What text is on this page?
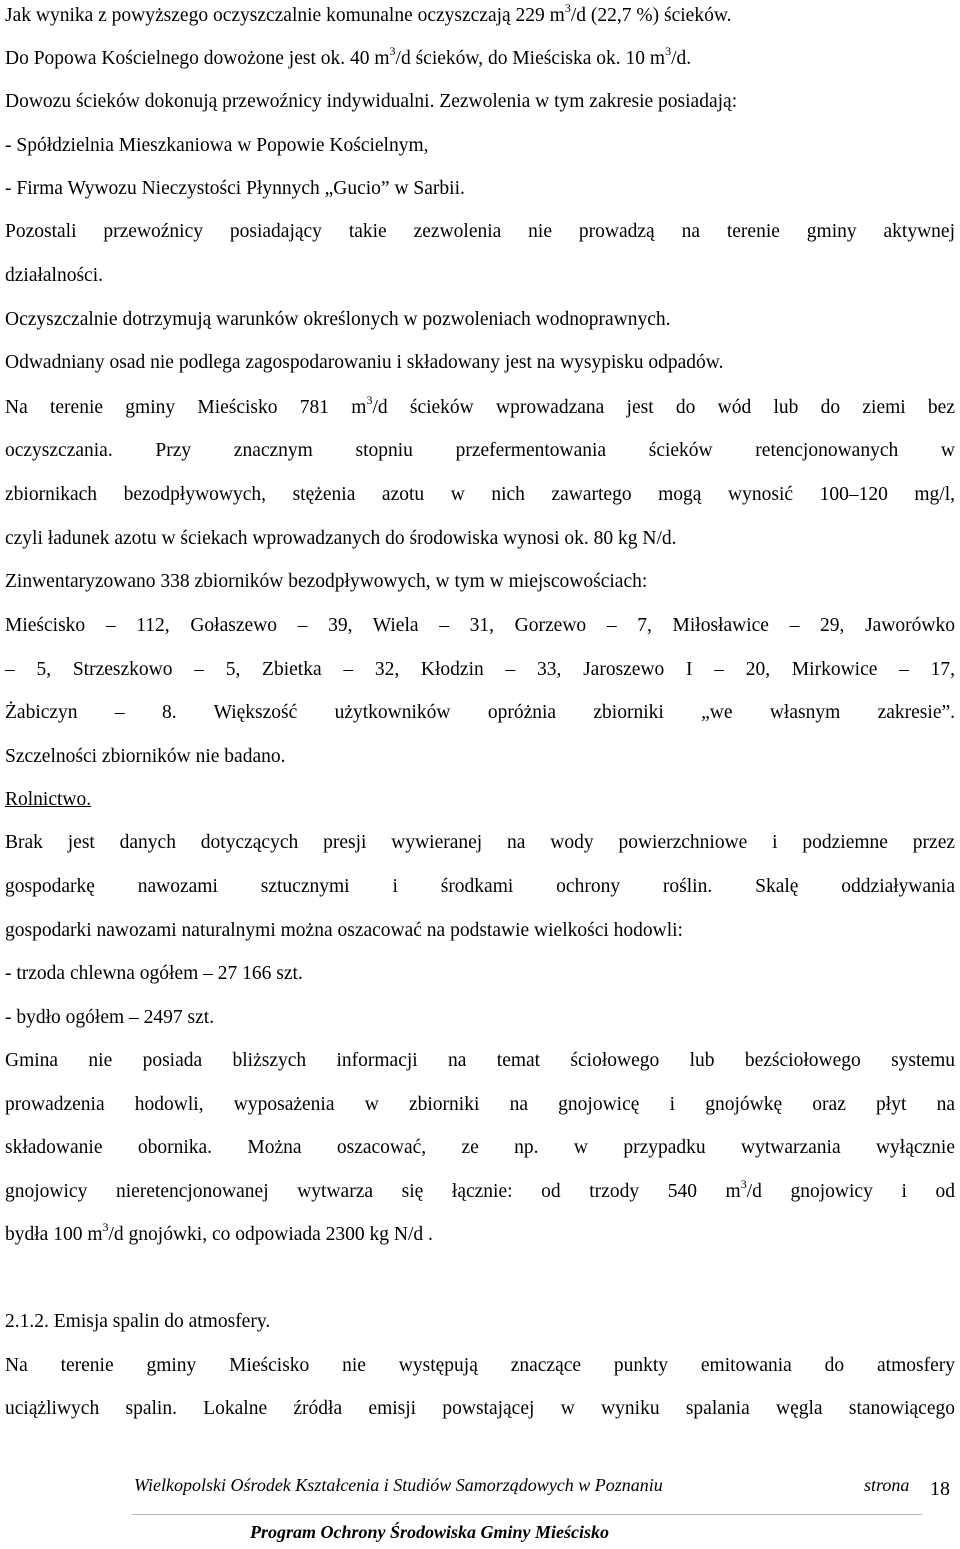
Jak wynika z powyższego oczyszczalnie komunalne oczyszczają 229 $m^3/d$ (22,7 %) ścieków.
Do Popowa Kościelnego dowożone jest ok. 40 $m^3/d$ ścieków, do Mieściska ok. 10 $m^3/d$.
Dowozu ścieków dokonują przewoźnicy indywidualni. Zezwolenia w tym zakresie posiadają:
- Spółdzielnia Mieszkaniowa w Popowie Kościelnym,
- Firma Wywozu Nieczystości Płynnych „Gucio” w Sarbii.
Pozostali przewoźnicy posiadający takie zezwolenia nie prowadzą na terenie gminy aktywnej
działalności.
Oczyszczalnie dotrzymują warunków określonych w pozwoleniach wodnoprawnych.
Odwadniany osad nie podlega zagospodarowaniu i składowany jest na wysypisku odpadów.
Na terenie gminy Mieścisko 781 $m^3/d$ ścieków wprowadzana jest do wód lub do ziemi bez
oczyszczania. Przy znacznym stopniu przefermentowania ścieków retencjonowanych w
zbiornikach bezodpływowych, stężenia azotu w nich zawartego mogą wynosić 100–120 mg/l,
czyli ładunek azotu w ściekach wprowadzanych do środowiska wynosi ok. 80 kg N/d.
Zinwentaryzowano 338 zbiorników bezodpływowych, w tym w miejscowościach:
Mieścisko – 112, Gołaszewo – 39, Wiela – 31, Gorzewo – 7, Miłosławice – 29, Jaworówko
– 5, Strzeszkowo – 5, Zbietka – 32, Kłodzin – 33, Jaroszewo I – 20, Mirkowice – 17,
Żabiczyn – 8. Większość użytkowników opróżnia zbiorniki „we własnym zakresie”.
Szczelności zbiorników nie badano.
Rolnictwo.
Brak jest danych dotyczących presji wywieranej na wody powierzchniowe i podziemne przez
gospodarkę nawozami sztucznymi i środkami ochrony roślin. Skalę oddziaływania
gospodarki nawozami naturalnymi można oszacować na podstawie wielkości hodowli:
- trzoda chlewna ogółem – 27 166 szt.
- bydło ogółem – 2497 szt.
Gmina nie posiada bliższych informacji na temat ściołowego lub bezściołowego systemu
prowadzenia hodowli, wyposażenia w zbiorniki na gnojowicę i gnojówkę oraz płyt na
składowanie obornika. Można oszacować, ze np. w przypadku wytwarzania wyłącznie
gnojowicy nieretencjonowanej wytwarza się łącznie: od trzody 540 $m^3/d$ gnojowicy i od
bydła 100 $m^3/d$ gnojówki, co odpowiada 2300 kg N/d .
2.1.2. Emisja spalin do atmosfery.
Na terenie gminy Mieścisko nie występują znaczące punkty emitowania do atmosfery
uciążliwych spalin. Lokalne źródła emisji powstającej w wyniku spalania węgla stanowiącego
Wielkopolski Ośrodek Kształcenia i Studiów Samorządowych w Poznaniu	strona 18
Program Ochrony Środowiska Gminy Mieścisko
